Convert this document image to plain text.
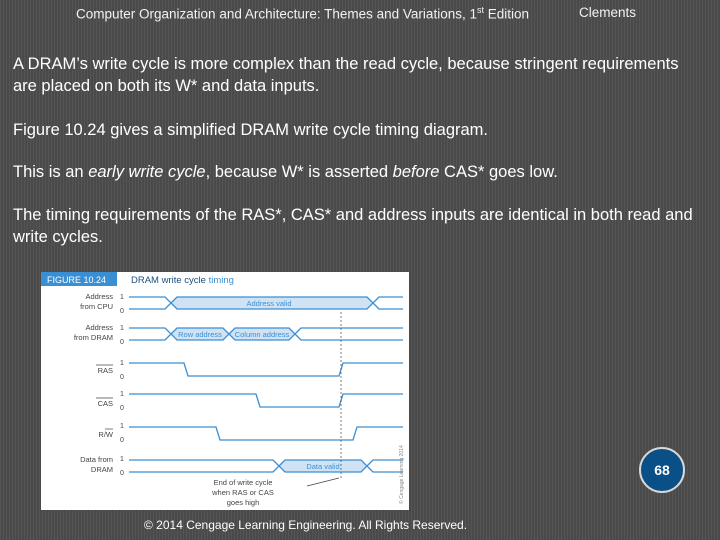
Computer Organization and Architecture: Themes and Variations, 1st Edition	Clements
A DRAM’s write cycle is more complex than the read cycle, because stringent requirements are placed on both its W* and data inputs.
Figure 10.24 gives a simplified DRAM write cycle timing diagram.
This is an early write cycle, because W* is asserted before CAS* goes low.
The timing requirements of the RAS*, CAS* and address inputs are identical in both read and write cycles.
FIGURE 10.24	DRAM write cycle timing
Address
from CPU
Address
from DRAM
RAS
CAS
R/W
Data from
DRAM
1
0
1
0
1
0
1
0
1
0
1
0
Address valid
Row address Column address
Data valid
End of write cycle
when RAS or CAS
goes high	© Cengage Learning 2014
© 2014 Cengage Learning Engineering. All Rights Reserved.
68
